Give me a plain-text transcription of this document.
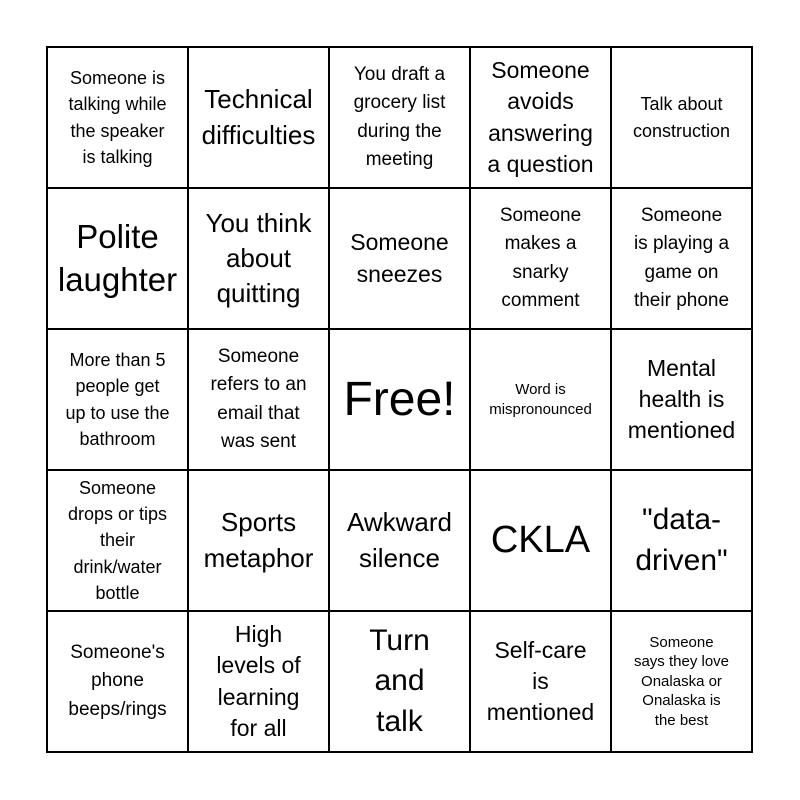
Someone is
talking while
the speaker
is talking
Technical
difficulties
You draft a
grocery list
during the
meeting
Someone
avoids
answering
a question
Talk about
construction
Polite
laughter
You think
about
quitting
Someone
sneezes
Someone
makes a
snarky
comment
Someone
is playing a
game on
their phone
More than 5
people get
up to use the
bathroom
Someone
refers to an
email that
was sent
Free!	Word is
mispronounced
Mental
health is
mentioned
Someone
drops or tips
their
drink/water
bottle
Sports
metaphor
Awkward
silence	CKLA "data-
driven"
Someone's
phone
beeps/rings
High
levels of
learning
for all
Turn
and
talk
Self-care
is
mentioned
Someone
says they love
Onalaska or
Onalaska is
the best
